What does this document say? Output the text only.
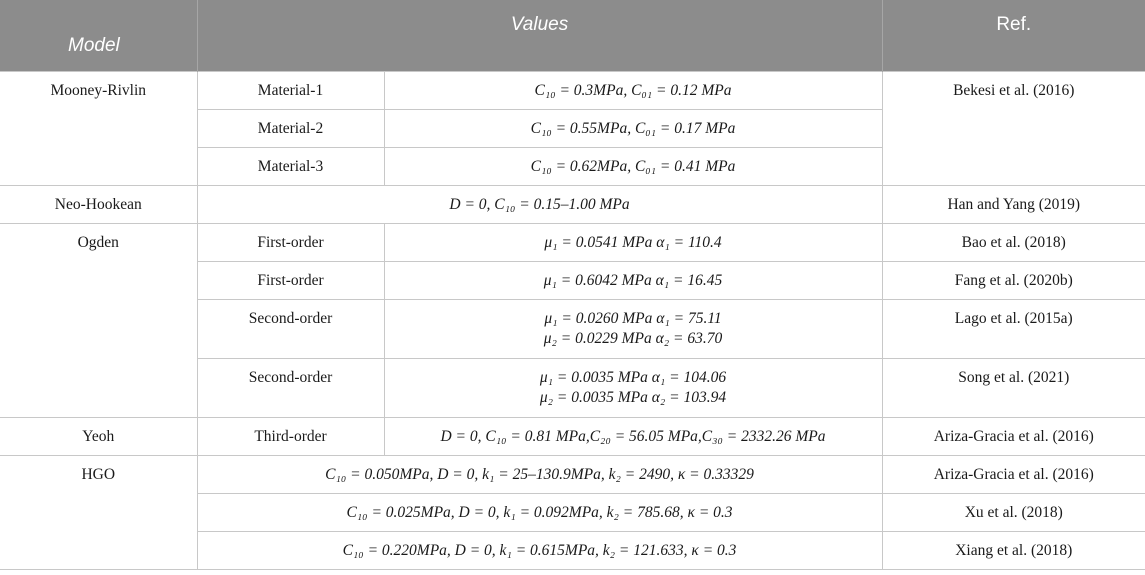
Model	Values		Ref.
Mooney-Rivlin	Material-1	C₁₀ = 0.3MPa, C₀₁ = 0.12 MPa	Bekesi et al. (2016)
	Material-2	C₁₀ = 0.55MPa, C₀₁ = 0.17 MPa	
	Material-3	C₁₀ = 0.62MPa, C₀₁ = 0.41 MPa	
Neo-Hookean	D = 0, C₁₀ = 0.15–1.00 MPa		Han and Yang (2019)
Ogden	First-order	μ₁ = 0.0541 MPa α₁ = 110.4	Bao et al. (2018)
	First-order	μ₁ = 0.6042 MPa α₁ = 16.45	Fang et al. (2020b)
	Second-order	μ₁ = 0.0260 MPa α₁ = 75.11
μ₂ = 0.0229 MPa α₂ = 63.70	Lago et al. (2015a)
	Second-order	μ₁ = 0.0035 MPa α₁ = 104.06
μ₂ = 0.0035 MPa α₂ = 103.94	Song et al. (2021)
Yeoh	Third-order	D = 0, C₁₀ = 0.81 MPa,C₂₀ = 56.05 MPa,C₃₀ = 2332.26 MPa	Ariza-Gracia et al. (2016)
HGO	C₁₀ = 0.050MPa, D = 0, k₁ = 25–130.9MPa, k₂ = 2490, κ = 0.33329		Ariza-Gracia et al. (2016)
	C₁₀ = 0.025MPa, D = 0, k₁ = 0.092MPa, k₂ = 785.68, κ = 0.3		Xu et al. (2018)
	C₁₀ = 0.220MPa, D = 0, k₁ = 0.615MPa, k₂ = 121.633, κ = 0.3		Xiang et al. (2018)
